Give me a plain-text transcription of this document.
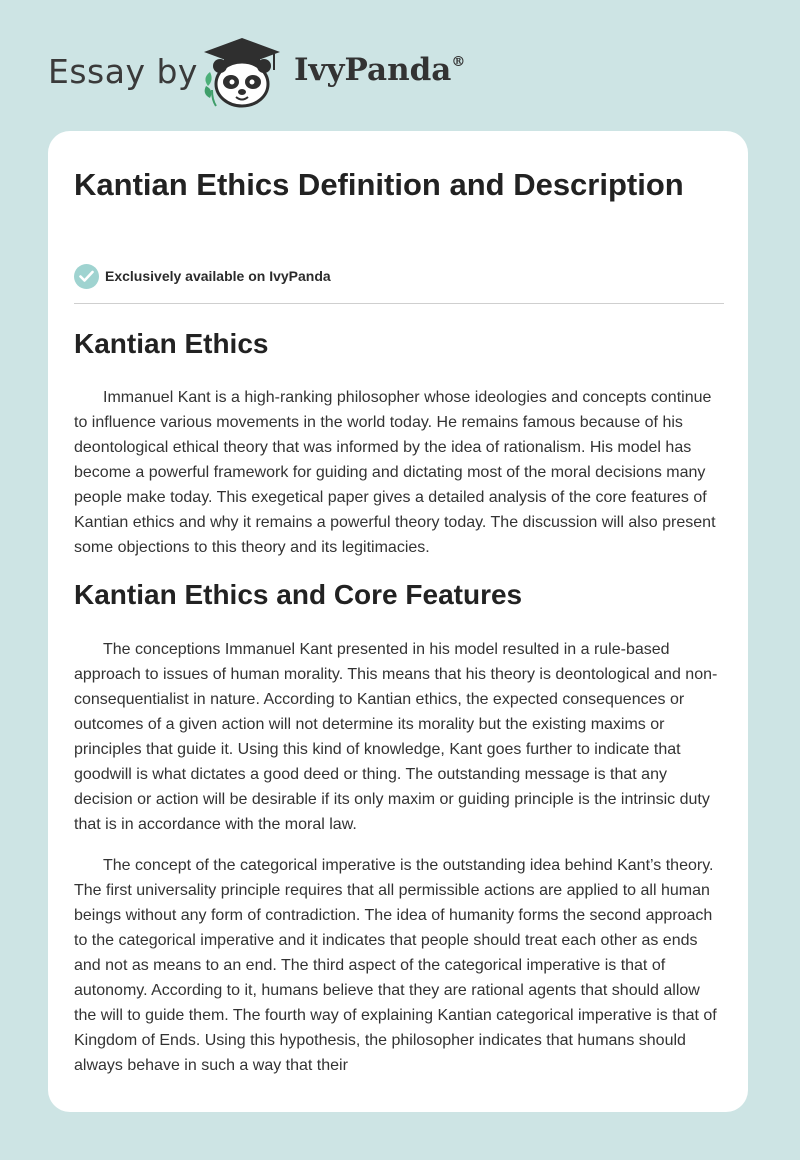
Essay by	IvyPanda®
Kantian Ethics Definition and Description
Exclusively available on IvyPanda
Kantian Ethics

Immanuel Kant is a high-ranking philosopher whose ideologies and concepts continue to influence various movements in the world today. He remains famous because of his deontological ethical theory that was informed by the idea of rationalism. His model has become a powerful framework for guiding and dictating most of the moral decisions many people make today. This exegetical paper gives a detailed analysis of the core features of Kantian ethics and why it remains a powerful theory today. The discussion will also present some objections to this theory and its legitimacies.

Kantian Ethics and Core Features

The conceptions Immanuel Kant presented in his model resulted in a rule-based approach to issues of human morality. This means that his theory is deontological and non-consequentialist in nature. According to Kantian ethics, the expected consequences or outcomes of a given action will not determine its morality but the existing maxims or principles that guide it. Using this kind of knowledge, Kant goes further to indicate that goodwill is what dictates a good deed or thing. The outstanding message is that any decision or action will be desirable if its only maxim or guiding principle is the intrinsic duty that is in accordance with the moral law.

The concept of the categorical imperative is the outstanding idea behind Kant’s theory. The first universality principle requires that all permissible actions are applied to all human beings without any form of contradiction. The idea of humanity forms the second approach to the categorical imperative and it indicates that people should treat each other as ends and not as means to an end. The third aspect of the categorical imperative is that of autonomy. According to it, humans believe that they are rational agents that should allow the will to guide them. The fourth way of explaining Kantian categorical imperative is that of Kingdom of Ends. Using this hypothesis, the philosopher indicates that humans should always behave in such a way that their
